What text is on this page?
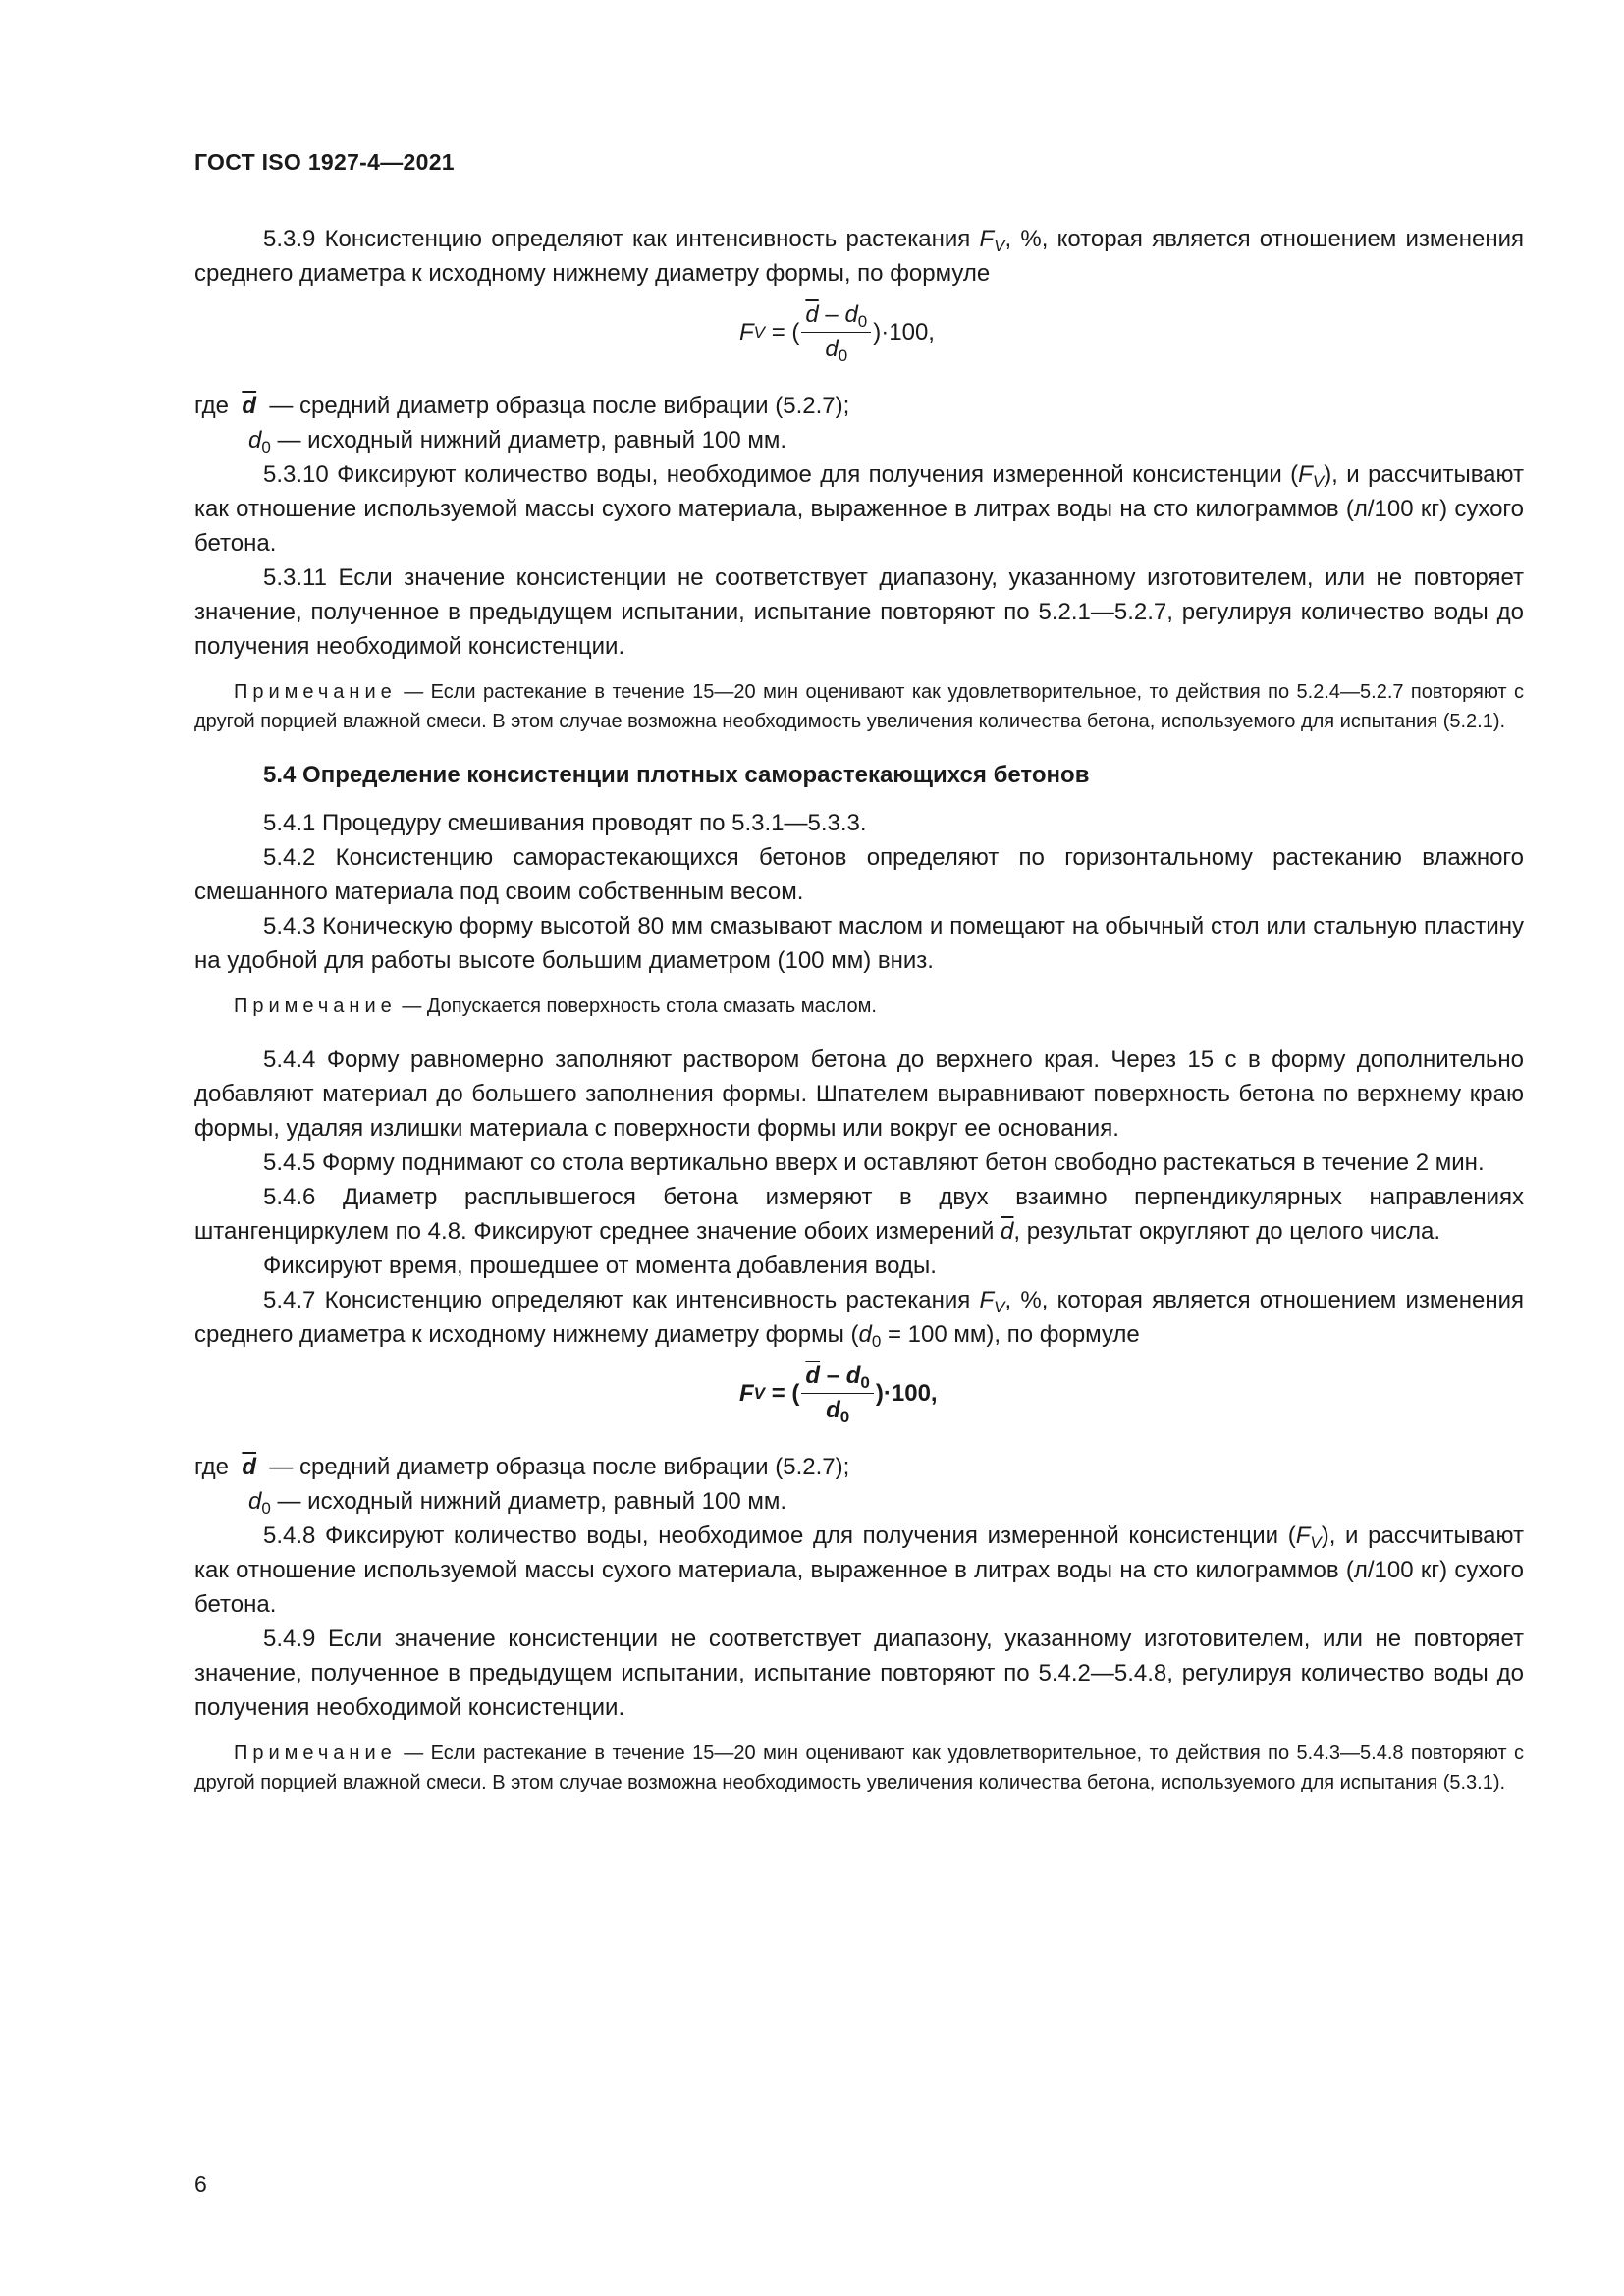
ГОСТ ISO 1927-4—2021

5.3.9 Консистенцию определяют как интенсивность растекания $F_V$, %, которая является отношением изменения среднего диаметра к исходному нижнему диаметру формы, по формуле

F V
= ( $\frac{\overline{d} - d_0}{d_0} )\cdot 100$,

где $\overline{d}$ — средний диаметр образца после вибрации (5.2.7);

$d_0$ — исходный нижний диаметр, равный 100 мм.

5.3.10 Фиксируют количество воды, необходимое для получения измеренной консистенции $(F_V)$, и рассчитывают как отношение используемой массы сухого материала, выраженное в литрах воды на сто килограммов (л/100 кг) сухого бетона.

5.3.11 Если значение консистенции не соответствует диапазону, указанному изготовителем, или не повторяет значение, полученное в предыдущем испытании, испытание повторяют по 5.2.1—5.2.7, регулируя количество воды до получения необходимой консистенции.

Примечание — Если растекание в течение 15—20 мин оценивают как удовлетворительное, то действия по 5.2.4—5.2.7 повторяют с другой порцией влажной смеси. В этом случае возможна необходимость увеличения количества бетона, используемого для испытания (5.2.1).

5.4 Определение консистенции плотных саморастекающихся бетонов

5.4.1 Процедуру смешивания проводят по 5.3.1—5.3.3.

5.4.2 Консистенцию саморастекающихся бетонов определяют по горизонтальному растеканию влажного смешанного материала под своим собственным весом.

5.4.3 Коническую форму высотой 80 мм смазывают маслом и помещают на обычный стол или стальную пластину на удобной для работы высоте большим диаметром (100 мм) вниз.

Примечание — Допускается поверхность стола смазать маслом.

5.4.4 Форму равномерно заполняют раствором бетона до верхнего края. Через 15 с в форму дополнительно добавляют материал до большего заполнения формы. Шпателем выравнивают поверхность бетона по верхнему краю формы, удаляя излишки материала с поверхности формы или вокруг ее основания.

5.4.5 Форму поднимают со стола вертикально вверх и оставляют бетон свободно растекаться в течение 2 мин.

5.4.6 Диаметр расплывшегося бетона измеряют в двух взаимно перпендикулярных направлениях штангенциркулем по 4.8. Фиксируют среднее значение обоих измерений $\overline{d}$, результат округляют до целого числа.

Фиксируют время, прошедшее от момента добавления воды.

5.4.7 Консистенцию определяют как интенсивность растекания $F_V$, %, которая является отношением изменения среднего диаметра к исходному нижнему диаметру формы ($d_0 = 100$ мм), по формуле

F V
= ( $\frac{\overline{d} - d_0}{d_0} )\cdot 100$,

где $\overline{d}$ — средний диаметр образца после вибрации (5.2.7);

$d_0$ — исходный нижний диаметр, равный 100 мм.

5.4.8 Фиксируют количество воды, необходимое для получения измеренной консистенции $(F_V)$, и рассчитывают как отношение используемой массы сухого материала, выраженное в литрах воды на сто килограммов (л/100 кг) сухого бетона.

5.4.9 Если значение консистенции не соответствует диапазону, указанному изготовителем, или не повторяет значение, полученное в предыдущем испытании, испытание повторяют по 5.4.2—5.4.8, регулируя количество воды до получения необходимой консистенции.

Примечание — Если растекание в течение 15—20 мин оценивают как удовлетворительное, то действия по 5.4.3—5.4.8 повторяют с другой порцией влажной смеси. В этом случае возможна необходимость увеличения количества бетона, используемого для испытания (5.3.1).

6
